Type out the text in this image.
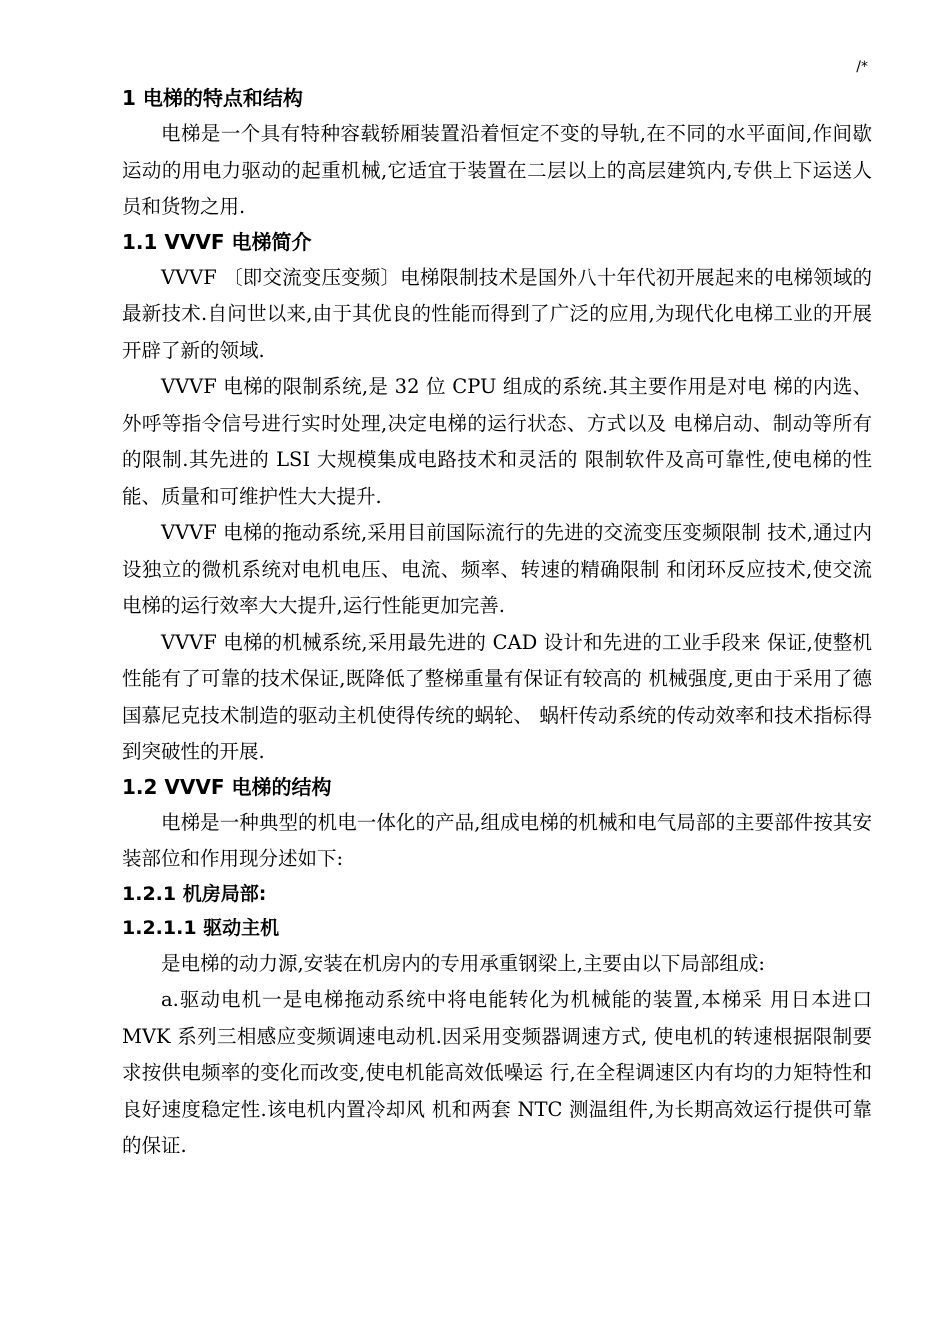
/*
1 电梯的特点和结构

电梯是一个具有特种容载轿厢装置沿着恒定不变的导轨,在不同的水平面间,作间歇运动的用电力驱动的起重机械,它适宜于装置在二层以上的高层建筑内,专供上下运送人员和货物之用.

1.1 VVVF 电梯简介

VVVF 〔即交流变压变频〕电梯限制技术是国外八十年代初开展起来的电梯领域的最新技术.自问世以来,由于其优良的性能而得到了广泛的应用,为现代化电梯工业的开展开辟了新的领域.

VVVF 电梯的限制系统,是 32 位 CPU 组成的系统.其主要作用是对电 梯的内选、外呼等指令信号进行实时处理,决定电梯的运行状态、方式以及 电梯启动、制动等所有的限制.其先进的 LSI 大规模集成电路技术和灵活的 限制软件及高可靠性,使电梯的性能、质量和可维护性大大提升.

VVVF 电梯的拖动系统,采用目前国际流行的先进的交流变压变频限制 技术,通过内设独立的微机系统对电机电压、电流、频率、转速的精确限制 和闭环反应技术,使交流电梯的运行效率大大提升,运行性能更加完善.

VVVF 电梯的机械系统,采用最先进的 CAD 设计和先进的工业手段来 保证,使整机性能有了可靠的技术保证,既降低了整梯重量有保证有较高的 机械强度,更由于采用了德国慕尼克技术制造的驱动主机使得传统的蜗轮、 蜗杆传动系统的传动效率和技术指标得到突破性的开展.

1.2 VVVF 电梯的结构

电梯是一种典型的机电一体化的产品,组成电梯的机械和电气局部的主要部件按其安装部位和作用现分述如下:

1.2.1 机房局部:
1.2.1.1 驱动主机

是电梯的动力源,安装在机房内的专用承重钢梁上,主要由以下局部组成:

a.驱动电机一是电梯拖动系统中将电能转化为机械能的装置,本梯采 用日本进口 MVK 系列三相感应变频调速电动机.因采用变频器调速方式, 使电机的转速根据限制要求按供电频率的变化而改变,使电机能高效低噪运 行,在全程调速区内有均的力矩特性和良好速度稳定性.该电机内置冷却风 机和两套 NTC 测温组件,为长期高效运行提供可靠的保证.
